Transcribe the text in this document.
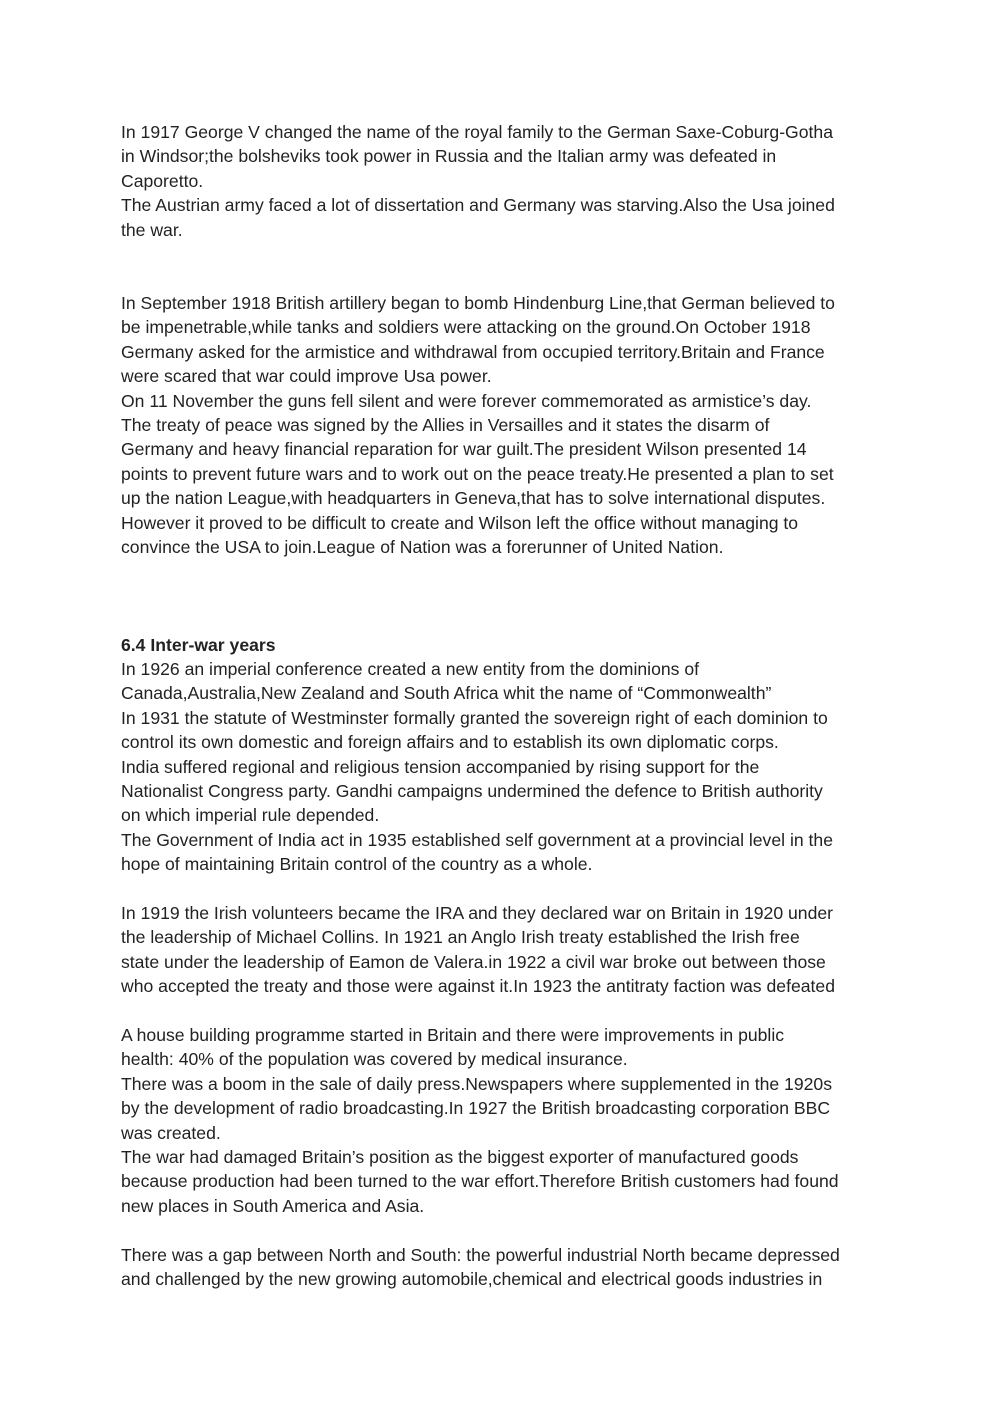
In 1917 George V changed the name of the royal family to the German Saxe-Coburg-Gotha
in Windsor;the bolsheviks took power in Russia and the Italian army was defeated in
Caporetto.
The Austrian army faced a lot of dissertation and Germany was starving.Also the Usa joined
the war.
In September 1918 British artillery began to bomb Hindenburg Line,that German believed to
be impenetrable,while tanks and soldiers were attacking on the ground.On October 1918
Germany asked for the armistice and withdrawal from occupied territory.Britain and France
were scared that war could improve Usa power.
On 11 November the guns fell silent and were forever commemorated as armistice’s day.
The treaty of peace was signed by the Allies in Versailles and it states the disarm of
Germany and heavy financial reparation for war guilt.The president Wilson presented 14
points to prevent future wars and to work out on the peace treaty.He presented a plan to set
up the nation League,with headquarters in Geneva,that has to solve international disputes.
However it proved to be difficult to create and Wilson left the office without managing to
convince the USA to join.League of Nation was a forerunner of United Nation.
6.4 Inter-war years
In 1926 an imperial conference created a new entity from the dominions of
Canada,Australia,New Zealand and South Africa whit the name of “Commonwealth”
In 1931 the statute of Westminster formally granted the sovereign right of each dominion to
control its own domestic and foreign affairs and to establish its own diplomatic corps.
India suffered regional and religious tension accompanied by rising support for the
Nationalist Congress party. Gandhi campaigns undermined the defence to British authority
on which imperial rule depended.
The Government of India act in 1935 established self government at a provincial level in the
hope of maintaining Britain control of the country as a whole.
In 1919 the Irish volunteers became the IRA and they declared war on Britain in 1920 under
the leadership of Michael Collins. In 1921 an Anglo Irish treaty established the Irish free
state under the leadership of Eamon de Valera.in 1922 a civil war broke out between those
who accepted the treaty and those were against it.In 1923 the antitraty faction was defeated
A house building programme started in Britain and there were improvements in public
health: 40% of the population was covered by medical insurance.
There was a boom in the sale of daily press.Newspapers where supplemented in the 1920s
by the development of radio broadcasting.In 1927 the British broadcasting corporation BBC
was created.
The war had damaged Britain’s position as the biggest exporter of manufactured goods
because production had been turned to the war effort.Therefore British customers had found
new places in South America and Asia.
There was a gap between North and South: the powerful industrial North became depressed
and challenged by the new growing automobile,chemical and electrical goods industries in
